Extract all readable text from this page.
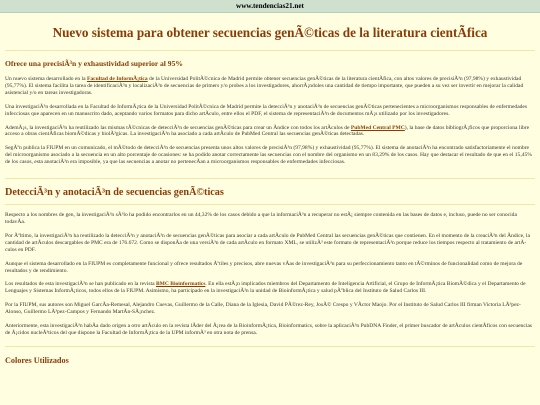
www.tendencias21.net
Nuevo sistema para obtener secuencias genÃ©ticas de la literatura cientÃfica
Ofrece una precisiÃ³n y exhaustividad superior al 95%

Un nuevo sistema desarrollado en la Facultad de InformÃ¡tica de la Universidad PolitÃ©cnica de Madrid permite obtener secuencias genÃ©ticas de la literatura cientÃfica, con altos valores de precisiÃ³n (97,98%) y exhaustividad (95,77%). El sistema facilita la tarea de identificaciÃ³n y localizaciÃ³n de secuencias de primers y/o probes a los investigadores, ahorrÃ¡ndoles una cantidad de tiempo importante, que pueden a su vez ser invertir en mejorar la calidad asistencial y/o en tareas investigadoras.

Una investigaciÃ³n desarrollada en la Facultad de InformÃ¡tica de la Universidad PolitÃ©cnica de Madrid permite la detecciÃ³n y anotaciÃ³n de secuencias genÃ©ticas pertenecientes a microorganismos responsables de enfermedades infecciosas que aparecen en un manuscrito dado, aceptando varios formatos para dicho artÃculo, entre ellos el PDF, el sistema de representaciÃ³n de documentos mÃ¡s utilizado por los investigadores.

AdemÃ¡s, la investigaciÃ³n ha reutilizado las mismas tÃ©cnicas de detecciÃ³n de secuencias genÃ©ticas para crear un Ãndice con todos los artÃculos de PubMed Central PMC), la base de datos bibliogrÃ¡ficos que proporciona libre acceso a obras cientÃficas biomÃ©dicas y biolÃ³gicas. La investigaciÃ³n ha asociado a cada artÃculo de PubMed Central las secuencias genÃ©ticas detectadas.

SegÃºn publica la FIUPM en un comunicado, el mÃ©todo de detecciÃ³n de secuencias presenta unos altos valores de precisiÃ³n (97,98%) y exhaustividad (95,77%). El sistema de anotaciÃ³n ha encontrado satisfactoriamente el nombre del microorganismo asociado a la secuencia en un alto porcentaje de ocasiones: se ha podido anotar correctamente las secuencias con el nombre del organismo en un 83,29% de los casos. Hay que destacar el resultado de que en el 15,45% de los casos, esta anotaciÃ³n era imposible, ya que las secuencias a anotar no pertenecÃan a microorganismos responsables de enfermedades infecciosas.

DetecciÃ³n y anotaciÃ³n de secuencias genÃ©ticas

Respecto a los nombres de gen, la investigaciÃ³n sÃ³lo ha podido encontrarlos en un 44,32% de los casos debido a que la informaciÃ³n a recuperar no estÃ¡ siempre contenida en las bases de datos e, incluso, puede no ser conocida todavÃa.

Por Ãºltimo, la investigaciÃ³n ha reutilizado la detecciÃ³n y anotaciÃ³n de secuencias genÃ©ticas para asociar a cada artÃculo de PubMed Central las secuencias genÃ©ticas que contienen. En el momento de la creaciÃ³n del Ãndice, la cantidad de artÃculos descargables de PMC era de 176.672. Como se disponÃa de una versiÃ³n de cada artÃculo en formato XML, se utilizÃ³ este formato de representaciÃ³n porque reduce los tiempos respecto al tratamiento de artÃculos en PDF.

Aunque el sistema desarrollado en la FIUPM es completamente funcional y ofrece resultados Ãºtiles y precisos, abre nuevas vÃas de investigaciÃ³n para su perfeccionamiento tanto en tÃ©rminos de funcionalidad como de mejora de resultados y de rendimiento.

Los resultados de esta investigaciÃ³n se han publicado en la revista BMC Bioinformatics. En ella estÃ¡n implicados miembros del Departamento de Inteligencia Artificial, el Grupo de InformÃ¡tica BiomÃ©dica y el Departamento de Lenguajes y Sistemas InformÃ¡ticos, todos ellos de la FIUPM. Asimismo, ha participado en la investigaciÃ³n la unidad de BioinformÃ¡tica y salud pÃºblica del Instituto de Salud Carlos III.

Por la FIUPM, sus autores son Miguel GarcÃa-Remesal, Alejandro Cuevas, Guillermo de la Calle, Diana de la Iglesia, David PÃ©rez-Rey, JosÃ© Crespo y VÃctor Maojo. Por el Instituto de Salud Carlos III firman Victoria LÃ³pez-Alonso, Guillermo LÃ³pez-Campos y Fernando MartÃn-SÃ¡nchez.

Anteriormente, esta investigaciÃ³n habÃa dado origen a otro artÃculo en la revista lÃder del Ã¡rea de la BioinformÃ¡tica, Bioinformatics, sobre la aplicaciÃ³n PubDNA Finder, el primer buscador de artÃculos cientÃficos con secuencias de Ã¡cidos nucleÃ³ticos del que dispone la Facultad de InformÃ¡tica de la UPM informÃ³ en otra nota de prensa.

Colores Utilizados
